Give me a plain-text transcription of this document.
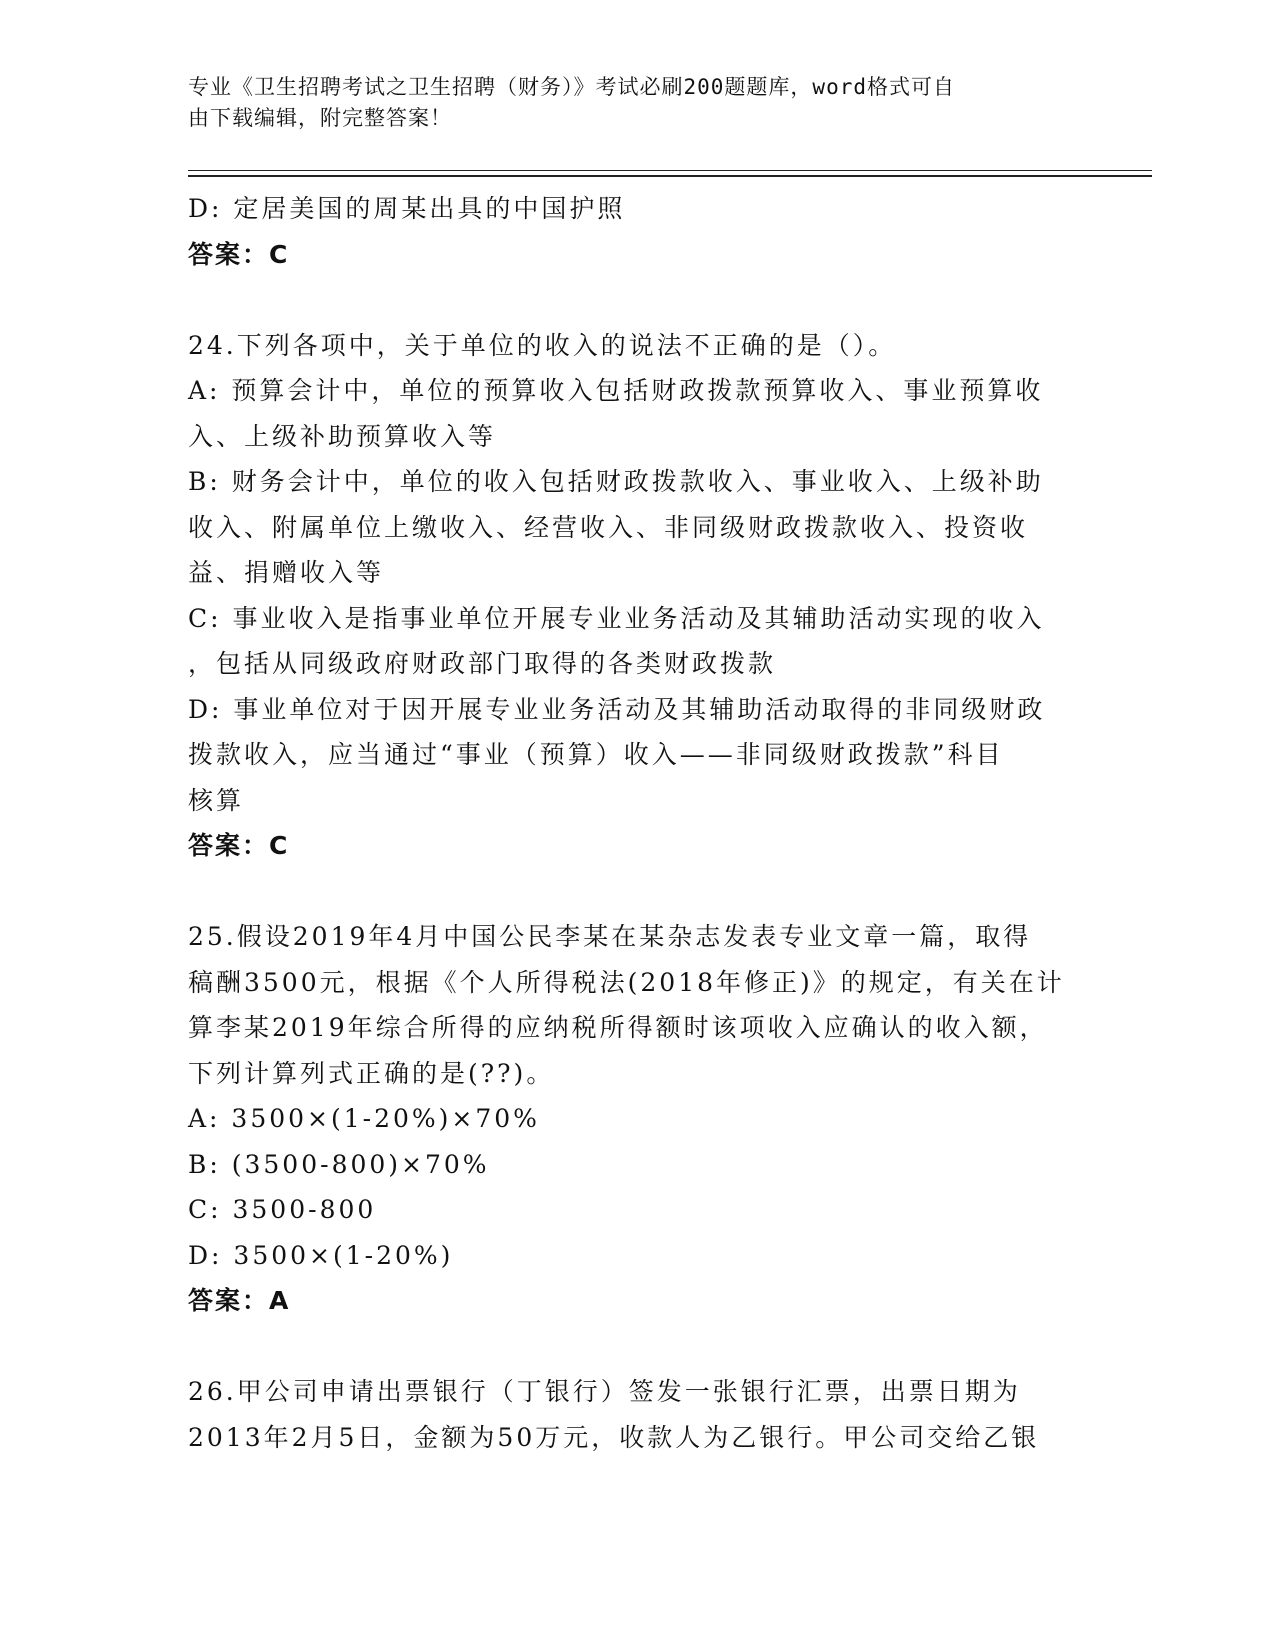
专业《卫生招聘考试之卫生招聘（财务）》考试必刷200题题库，word格式可自
由下载编辑，附完整答案！
D: 定居美国的周某出具的中国护照
答案：C
24.下列各项中，关于单位的收入的说法不正确的是（）。
A: 预算会计中，单位的预算收入包括财政拨款预算收入、事业预算收
入、上级补助预算收入等
B: 财务会计中，单位的收入包括财政拨款收入、事业收入、上级补助
收入、附属单位上缴收入、经营收入、非同级财政拨款收入、投资收
益、捐赠收入等
C: 事业收入是指事业单位开展专业业务活动及其辅助活动实现的收入
，包括从同级政府财政部门取得的各类财政拨款
D: 事业单位对于因开展专业业务活动及其辅助活动取得的非同级财政
拨款收入，应当通过“事业（预算）收入——非同级财政拨款”科目
核算
答案：C
25.假设2019年4月中国公民李某在某杂志发表专业文章一篇，取得
稿酬3500元，根据《个人所得税法(2018年修正)》的规定，有关在计
算李某2019年综合所得的应纳税所得额时该项收入应确认的收入额，
下列计算列式正确的是(??)。
A: 3500×(1-20%)×70%
B: (3500-800)×70%
C: 3500-800
D: 3500×(1-20%)
答案：A
26.甲公司申请出票银行（丁银行）签发一张银行汇票，出票日期为
2013年2月5日，金额为50万元，收款人为乙银行。甲公司交给乙银
